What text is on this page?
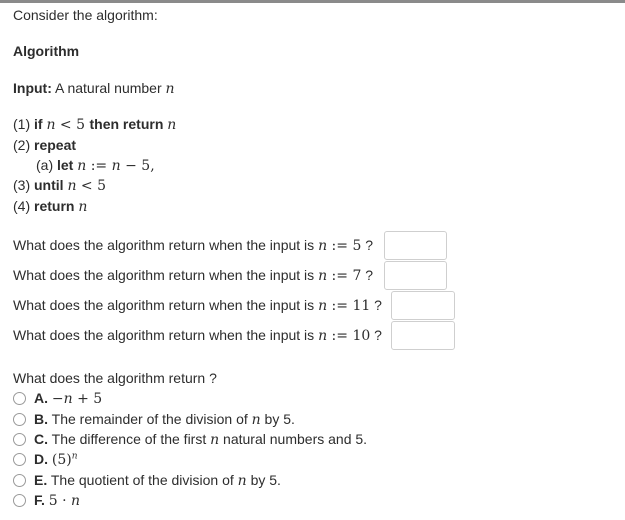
Consider the algorithm:
Algorithm
Input: A natural number n
(1) if n < 5 then return n
(2) repeat
(a) let n := n − 5,
(3) until n < 5
(4) return n
What does the algorithm return when the input is n := 5 ?
What does the algorithm return when the input is n := 7 ?
What does the algorithm return when the input is n := 11 ?
What does the algorithm return when the input is n := 10 ?
What does the algorithm return ?
A. −n + 5
B. The remainder of the division of n by 5.
C. The difference of the first n natural numbers and 5.
D. $(5)^n$
E. The quotient of the division of n by 5.
F. 5 · n
